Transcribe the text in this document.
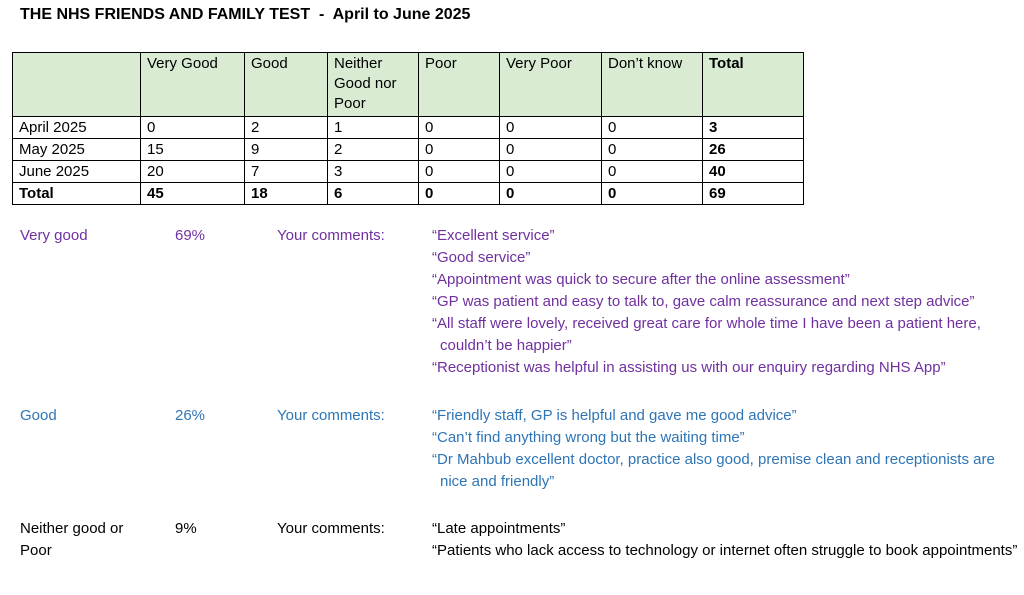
THE NHS FRIENDS AND FAMILY TEST  -  April to June 2025
	Very Good	Good	Neither Good nor Poor	Poor	Very Poor	Don’t know	Total
April 2025	0	2	1	0	0	0	3
May 2025	15	9	2	0	0	0	26
June 2025	20	7	3	0	0	0	40
Total	45	18	6	0	0	0	69
Very good	69%	Your comments:	“Excellent service”
“Good service”
“Appointment was quick to secure after the online assessment”
“GP was patient and easy to talk to, gave calm reassurance and next step advice”
“All staff were lovely, received great care for whole time I have been a patient here, couldn’t be happier”
“Receptionist was helpful in assisting us with our enquiry regarding NHS App”
Good	26%	Your comments:	“Friendly staff, GP is helpful and gave me good advice”
“Can’t find anything wrong but the waiting time”
“Dr Mahbub excellent doctor, practice also good, premise clean and receptionists are nice and friendly”
Neither good or Poor
9%	Your comments:	“Late appointments”
“Patients who lack access to technology or internet often struggle to book appointments”
